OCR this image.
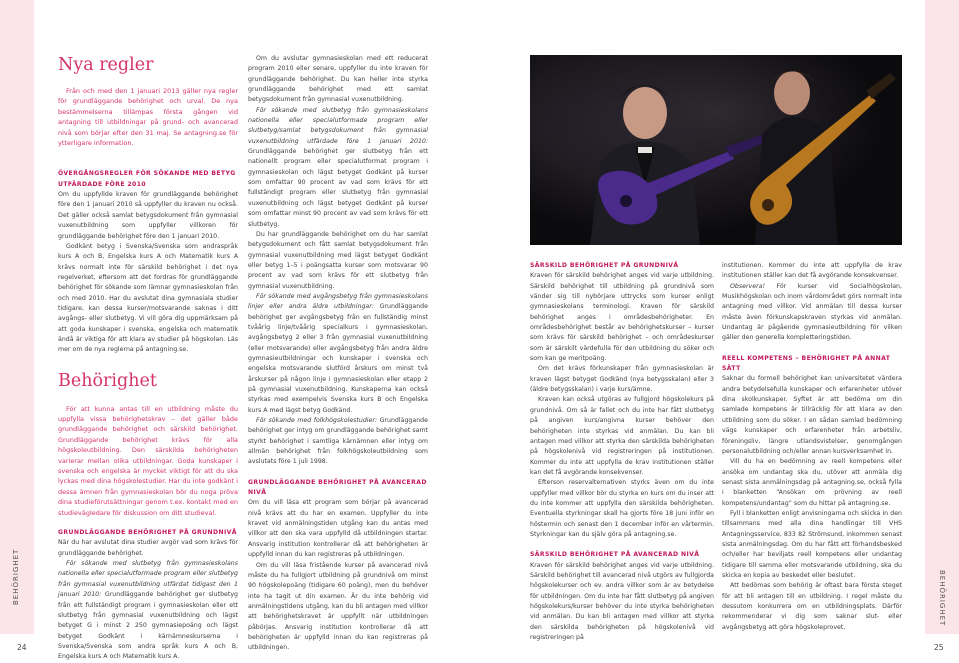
BEHÖRIGHET	BEHÖRIGHET
24	25
Nya regler

Från och med den 1 januari 2013 gäller nya regler för grundläggande behörighet och urval. De nya bestämmelserna tillämpas första gången vid antagning till utbildningar på grund- och avancerad nivå som börjar efter den 31 maj. Se antagning.se för ytterligare information.

ÖVERGÅNGSREGLER FÖR SÖKANDE MED BETYG UTFÄRDADE FÖRE 2010

Om du uppfyllde kraven för grundläggande behörighet före den 1 januari 2010 så uppfyller du kraven nu också. Det gäller också samlat betygsdokument från gymnasial vuxenutbildning som uppfyller villkoren för grundläggande behörighet före den 1 januari 2010.

Godkänt betyg i Svenska/Svenska som andraspråk kurs A och B, Engelska kurs A och Matematik kurs A krävs normalt inte för särskild behörighet i det nya regelverket, eftersom att det fordras för grundläggande behörighet för sökande som lämnar gymnasieskolan från och med 2010. Har du avslutat dina gymnasiala studier tidigare, kan dessa kurser/motsvarande saknas i ditt avgångs- eller slutbetyg. Vi vill göra dig uppmärksam på att goda kunskaper i svenska, engelska och matematik ändå är viktiga för att klara av studier på högskolan. Läs mer om de nya reglerna på antagning.se.

Behörighet

För att kunna antas till en utbildning måste du uppfylla vissa behörighetskrav – det gäller både grundläggande behörighet och särskild behörighet. Grundläggande behörighet krävs för alla högskoleutbildning. Den särskilda behörigheten varierar mellan olika utbildningar. Goda kunskaper i svenska och engelska är mycket viktigt för att du ska lyckas med dina högskolestudier. Har du inte godkänt i dessa ämnen från gymnasieskolan bör du noga pröva dina studieförutsättningar genom t.ex. kontakt med en studievägledare för diskussion om ditt studieval.

GRUNDLÄGGANDE BEHÖRIGHET PÅ GRUNDNIVÅ

När du har avslutat dina studier avgör vad som krävs för grundläggande behörighet.

För sökande med slutbetyg från gymnasieskolans nationella eller specialutformade program eller slutbetyg från gymnasial vuxenutbildning utfärdat tidigast den 1 januari 2010: Grundläggande behörighet ger slutbetyg från ett fullständigt program i gymnasieskolan eller ett slutbetyg från gymnasial vuxenutbildning och lägst betyget G i minst 2 250 gymnasiepoäng och lägst betyget Godkänt i kärnämneskurserna i Svenska/Svenska som andra språk kurs A och B, Engelska kurs A och Matematik kurs A.

Om du avslutar gymnasieskolan med ett reducerat program 2010 eller senare, uppfyller du inte kraven för grundläggande behörighet. Du kan heller inte styrka grundläggande behörighet med ett samlat betygsdokument från gymnasial vuxenutbildning.

För sökande med slutbetyg från gymnasieskolans nationella eller specialutformade program eller slutbetyg/samlat betygsdokument från gymnasial vuxenutbildning utfärdade före 1 januari 2010: Grundläggande behörighet ger slutbetyg från ett nationellt program eller specialutformat program i gymnasieskolan och lägst betyget Godkänt på kurser som omfattar 90 procent av vad som krävs för ett fullständigt program eller slutbetyg från gymnasial vuxenutbildning och lägst betyget Godkänt på kurser som omfattar minst 90 procent av vad som krävs för ett slutbetyg.

Du har grundläggande behörighet om du har samlat betygsdokument och fått samlat betygsdokument från gymnasial vuxenutbildning med lägst betyget Godkänt eller betyg 1–5 i poängsatta kurser som motsvarar 90 procent av vad som krävs för ett slutbetyg från gymnasial vuxenutbildning.

För sökande med avgångsbetyg från gymnasieskolans linjer eller andra äldre utbildningar: Grundläggande behörighet ger avgångsbetyg från en fullständig minst tvåårig linje/tvåårig specialkurs i gymnasieskolan, avgångsbetyg 2 eller 3 från gymnasial vuxenutbildning (eller motsvarande) eller avgångsbetyg från andra äldre gymnasieutbildningar och kunskaper i svenska och engelska motsvarande slutförd årskurs om minst två årskurser på någon linje i gymnasieskolan eller etapp 2 på gymnasial vuxenutbildning. Kunskaperna kan också styrkas med exempelvis Svenska kurs B och Engelska kurs A med lägst betyg Godkänd.

För sökande med folkhögskolestudier: Grundläggande behörighet ger intyg om grundläggande behörighet samt styrkt behörighet i samtliga kärnämnen eller intyg om allmän behörighet från folkhögskoleutbildning som avslutats före 1 juli 1998.

GRUNDLÄGGANDE BEHÖRIGHET PÅ AVANCERAD NIVÅ

Om du vill läsa ett program som börjar på avancerad nivå krävs att du har en examen. Uppfyller du inte kravet vid anmälningstiden utgång kan du antas med villkor att den ska vara uppfylld då utbildningen startar. Ansvarig institution kontrollerar då att behörigheten är uppfylld innan du kan registreras på utbildningen.

Om du vill läsa fristående kurser på avancerad nivå måste du ha fullgjort utbildning på grundnivå om minst 90 högskolepoäng (tidigare 60 poäng), men du behöver inte ha tagit ut din examen. Är du inte behörig vid anmälningstidens utgång, kan du bli antagen med villkor att behörighetskravet är uppfyllt när utbildningen påbörjas. Ansvarig institution kontrollerar då att behörigheten är uppfylld innan du kan registreras på utbildningen.

SÄRSKILD BEHÖRIGHET PÅ GRUNDNIVÅ

Kraven för särskild behörighet anges vid varje utbildning. Särskild behörighet till utbildning på grundnivå som vänder sig till nybörjare uttrycks som kurser enligt gymnasieskolans terminologi. Kraven för särskild behörighet anges i områdesbehörigheter. En områdesbehörighet består av behörighetskurser – kurser som krävs för särskild behörighet – och områdeskurser som är särskilt värdefulla för den utbildning du söker och som kan ge meritpoäng.

Om det krävs förkunskaper från gymnasieskolan är kraven lägst betyget Godkänd (nya betygsskalan) eller 3 (äldre betygsskalan) i varje kurs/ämne.

Kraven kan också utgöras av fullgjord högskolekurs på grundnivå. Om så är fallet och du inte har fått slutbetyg på angiven kurs/angivna kurser behöver den behörigheten inte styrkas vid anmälan. Du kan bli antagen med villkor att styrka den särskilda behörigheten på högskolenivå vid registreringen på institutionen. Kommer du inte att uppfylla de krav institutionen ställer kan det få avgörande konsekvenser.

Efterson reservalternativen styrks även om du inte uppfyller med villkor bör du styrka en kurs om du inser att du inte kommer att uppfylla den särskilda behörigheten. Eventuella styrkningar skall ha gjorts före 18 juni inför en höstermin och senast den 1 december inför en vårtermin. Styrkningar kan du själv göra på antagning.se.

SÄRSKILD BEHÖRIGHET PÅ AVANCERAD NIVÅ

Kraven för särskild behörighet anges vid varje utbildning. Särskild behörighet till avancerad nivå utgörs av fullgjorda högskolekurser och ev. andra villkor som är av betydelse för utbildningen. Om du inte har fått slutbetyg på angiven högskolekurs/kurser behöver du inte styrka behörigheten vid anmälan. Du kan bli antagen med villkor att styrka den särskilda behörigheten på högskolenivå vid registreringen på

institutionen. Kommer du inte att uppfylla de krav institutionen ställer kan det få avgörande konsekvenser.

Observera! För kurser vid Socialhögskolan, Musikhögskolan och inom vårdområdet görs normalt inte antagning med villkor. Vid anmälan till dessa kurser måste även förkunskapskraven styrkas vid anmälan. Undantag är pågående gymnasieutbildning för vilken gäller den generella kompletteringstiden.

REELL KOMPETENS – BEHÖRIGHET PÅ ANNAT SÄTT

Saknar du formell behörighet kan universitetet värdera andra betydelsefulla kunskaper och erfarenheter utöver dina skolkunskaper. Syftet är att bedöma om din samlade kompetens är tillräcklig för att klara av den utbildning som du söker. I en sådan samlad bedömning vägs kunskaper och erfarenheter från arbetsliv, föreningsliv, längre utlandsvistelser, genomgången personalutbildning och/eller annan kursverksamhet in.

Vill du ha en bedömning av reell kompetens eller ansöka om undantag ska du, utöver att anmäla dig senast sista anmälningsdag på antagning.se, också fylla i blanketten “Ansökan om prövning av reell kompetens/undantag” som du hittar på antagning.se.

Fyll i blanketten enligt anvisningarna och skicka in den tillsammans med alla dina handlingar till VHS Antagningsservice, 833 82 Strömsund, inkommen senast sista anmälningsdag. Om du har fått ett förhandsbesked och/eller har beviljats reell kompetens eller undantag tidigare till samma eller motsvarande utbildning, ska du skicka en kopia av beskedet eller beslutet.

Att bedömas som behörig är oftast bara första steget för att bli antagen till en utbildning. I regel måste du dessutom konkurrera om en utbildningsplats. Därför rekommenderar vi dig som saknar slut- eller avgångsbetyg att göra högskoleprovet.
